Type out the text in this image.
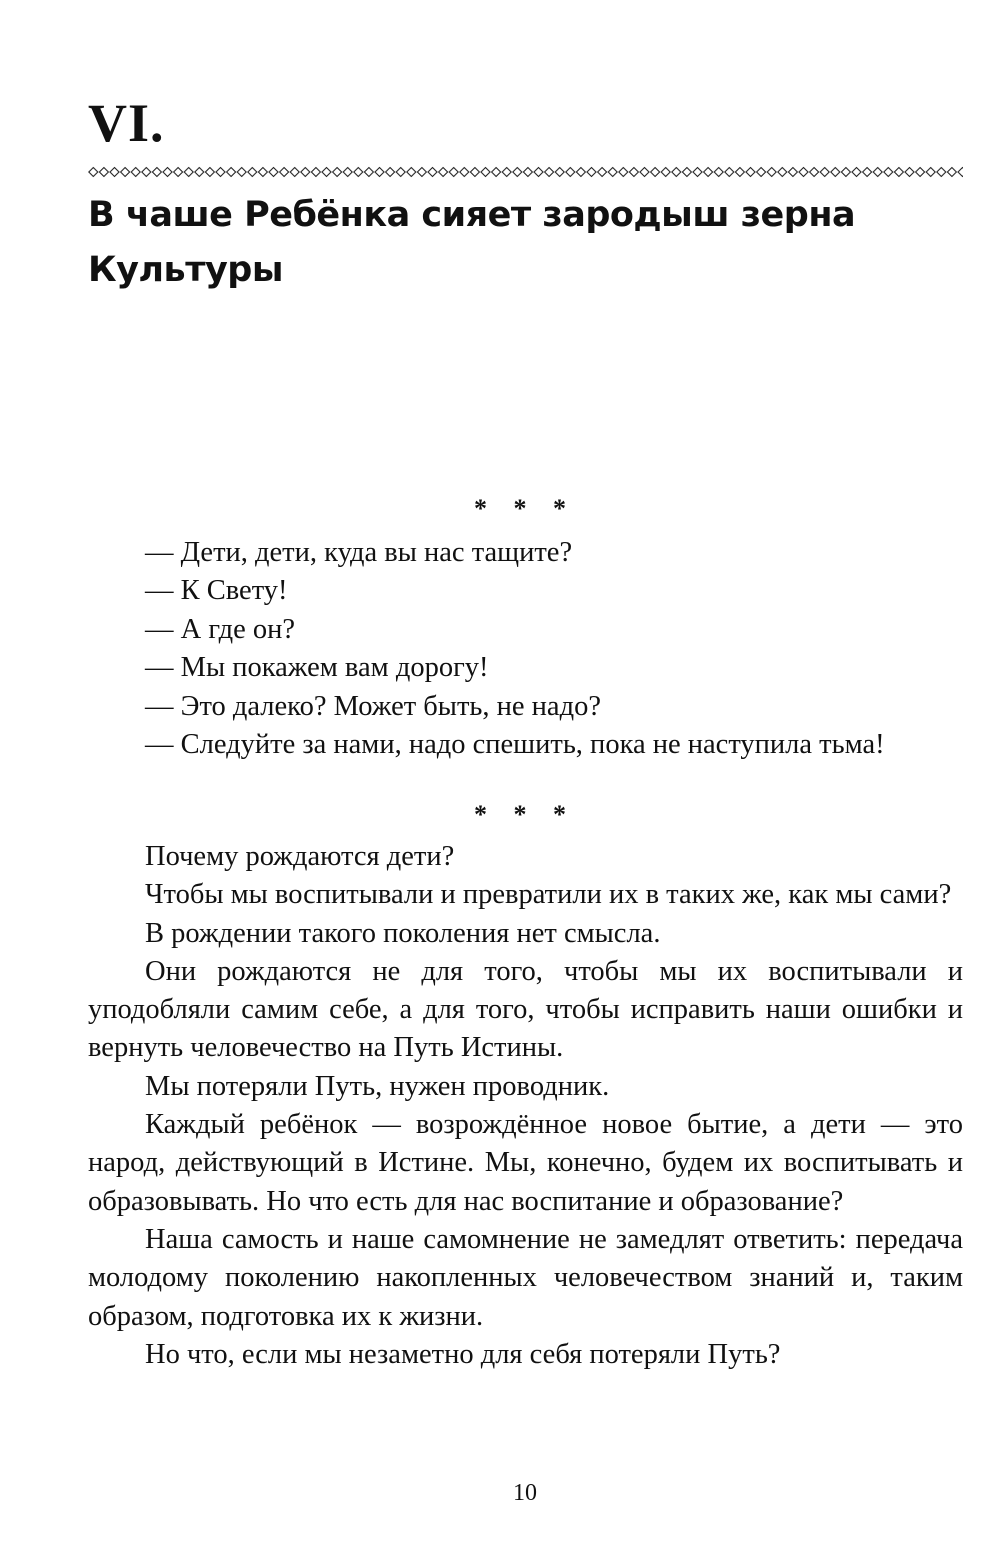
VI.
В чаше Ребёнка сияет зародыш зерна Культуры
* * *
— Дети, дети, куда вы нас тащите?
— К Свету!
— А где он?
— Мы покажем вам дорогу!
— Это далеко? Может быть, не надо?
— Следуйте за нами, надо спешить, пока не наступила тьма!
* * *

Почему рождаются дети?

Чтобы мы воспитывали и превратили их в таких же, как мы сами?

В рождении такого поколения нет смысла.

Они рождаются не для того, чтобы мы их воспитывали и уподобляли самим себе, а для того, чтобы исправить наши ошибки и вернуть человечество на Путь Истины.

Мы потеряли Путь, нужен проводник.

Каждый ребёнок — возрождённое новое бытие, а дети — это народ, действующий в Истине. Мы, конечно, будем их воспитывать и образовывать. Но что есть для нас воспитание и образование?

Наша самость и наше самомнение не замедлят ответить: передача молодому поколению накопленных человечеством знаний и, таким образом, подготовка их к жизни.

Но что, если мы незаметно для себя потеряли Путь?

10
